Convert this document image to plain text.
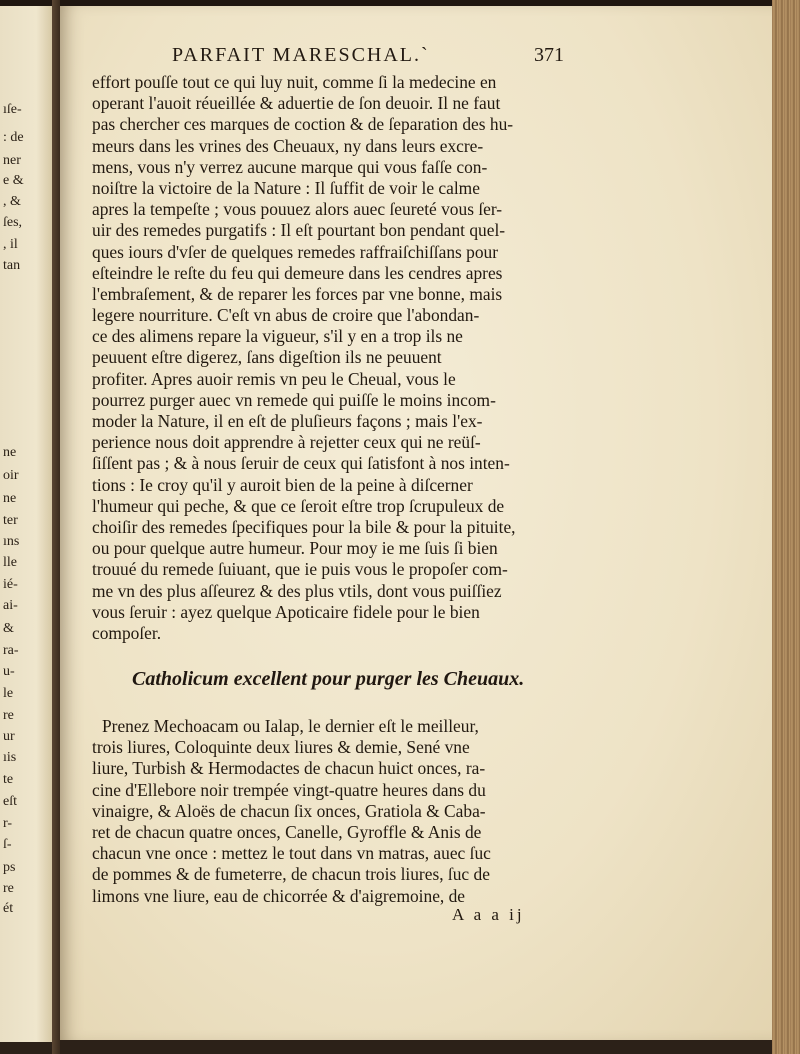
ıſe-
: de
ner
e &
, &
ſes,
, il
tan
ne
oir
ne
ter
ıns
lle
ié-
ai-
&
ra-
u-
le
re
ur
ıis
te
eſt
r-
ſ-
ps
re
ét
PARFAIT MARESCHAL.`	371
effort pouſſe tout ce qui luy nuit, comme ſi la medecine en
operant l'auoit réueillée & aduertie de ſon deuoir. Il ne faut
pas chercher ces marques de coction & de ſeparation des hu-
meurs dans les vrines des Cheuaux, ny dans leurs excre-
mens, vous n'y verrez aucune marque qui vous faſſe con-
noiſtre la victoire de la Nature : Il ſuffit de voir le calme
apres la tempeſte ; vous pouuez alors auec ſeureté vous ſer-
uir des remedes purgatifs : Il eſt pourtant bon pendant quel-
ques iours d'vſer de quelques remedes raffraiſchiſſans pour
eſteindre le reſte du feu qui demeure dans les cendres apres
l'embraſement, & de reparer les forces par vne bonne, mais
legere nourriture. C'eſt vn abus de croire que l'abondan-
ce des alimens repare la vigueur, s'il y en a trop ils ne
peuuent eſtre digerez, ſans digeſtion ils ne peuuent
profiter. Apres auoir remis vn peu le Cheual, vous le
pourrez purger auec vn remede qui puiſſe le moins incom-
moder la Nature, il en eſt de pluſieurs façons ; mais l'ex-
perience nous doit apprendre à rejetter ceux qui ne reüſ-
ſiſſent pas ; & à nous ſeruir de ceux qui ſatisfont à nos inten-
tions : Ie croy qu'il y auroit bien de la peine à diſcerner
l'humeur qui peche, & que ce ſeroit eſtre trop ſcrupuleux de
choiſir des remedes ſpecifiques pour la bile & pour la pituite,
ou pour quelque autre humeur. Pour moy ie me ſuis ſi bien
trouué du remede ſuiuant, que ie puis vous le propoſer com-
me vn des plus aſſeurez & des plus vtils, dont vous puiſſiez
vous ſeruir : ayez quelque Apoticaire fidele pour le bien
compoſer.
Catholicum excellent pour purger les Cheuaux.
Prenez Mechoacam ou Ialap, le dernier eſt le meilleur,
trois liures, Coloquinte deux liures & demie, Sené vne
liure, Turbish & Hermodactes de chacun huict onces, ra-
cine d'Ellebore noir trempée vingt-quatre heures dans du
vinaigre, & Aloës de chacun ſix onces, Gratiola & Caba-
ret de chacun quatre onces, Canelle, Gyroffle & Anis de
chacun vne once : mettez le tout dans vn matras, auec ſuc
de pommes & de fumeterre, de chacun trois liures, ſuc de
limons vne liure, eau de chicorrée & d'aigremoine, de
A a a ij
